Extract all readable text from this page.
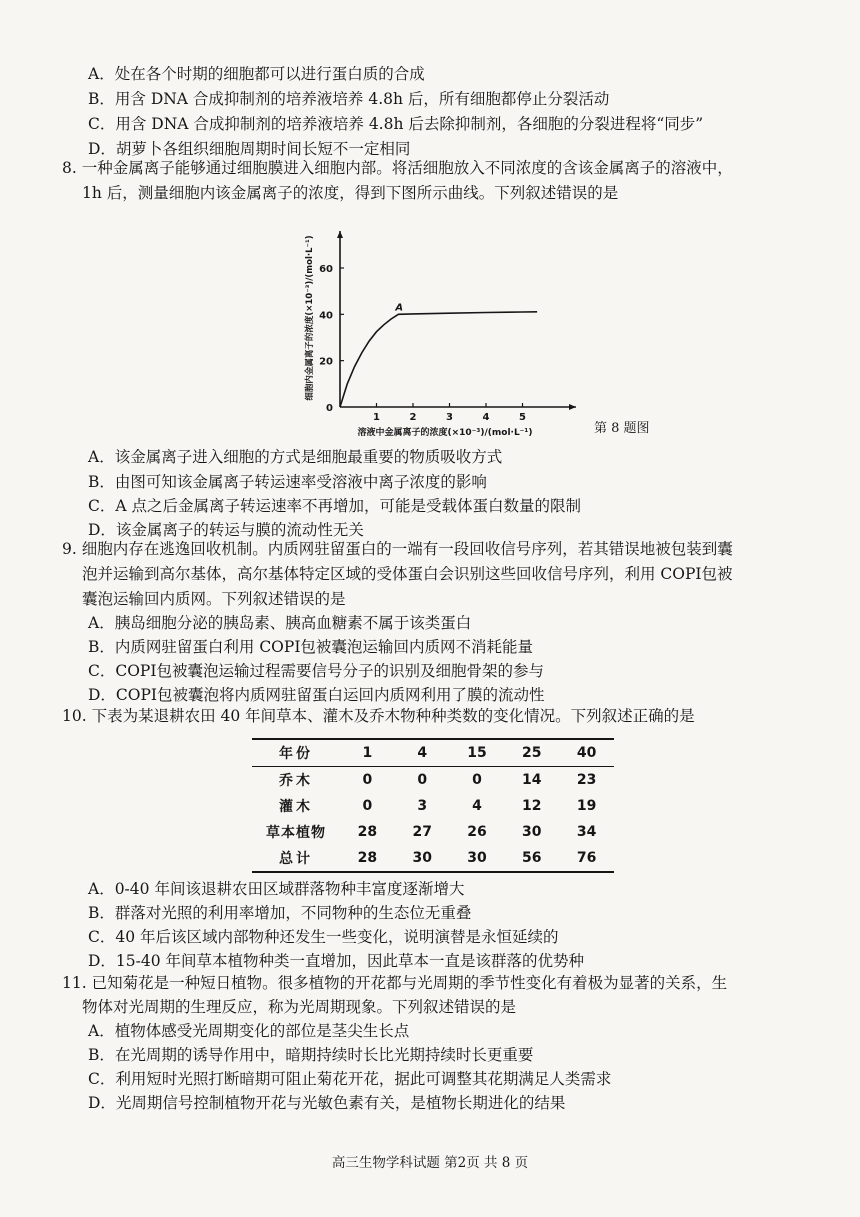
A．处在各个时期的细胞都可以进行蛋白质的合成
B．用含 DNA 合成抑制剂的培养液培养 4.8h 后，所有细胞都停止分裂活动
C．用含 DNA 合成抑制剂的培养液培养 4.8h 后去除抑制剂，各细胞的分裂进程将“同步”
D．胡萝卜各组织细胞周期时间长短不一定相同
8. 一种金属离子能够通过细胞膜进入细胞内部。将活细胞放入不同浓度的含该金属离子的溶液中，
1h 后，测量细胞内该金属离子的浓度，得到下图所示曲线。下列叙述错误的是
1	2	3	4	5
0
20
40
60
A
细胞内金属离子的浓度(×10⁻³)/(mol·L⁻¹)
溶液中金属离子的浓度(×10⁻³)/(mol·L⁻¹)	第 8 题图
A．该金属离子进入细胞的方式是细胞最重要的物质吸收方式
B．由图可知该金属离子转运速率受溶液中离子浓度的影响
C．A 点之后金属离子转运速率不再增加，可能是受载体蛋白数量的限制
D．该金属离子的转运与膜的流动性无关
9. 细胞内存在逃逸回收机制。内质网驻留蛋白的一端有一段回收信号序列，若其错误地被包装到囊
泡并运输到高尔基体，高尔基体特定区域的受体蛋白会识别这些回收信号序列，利用 COPI包被
囊泡运输回内质网。下列叙述错误的是
A．胰岛细胞分泌的胰岛素、胰高血糖素不属于该类蛋白
B．内质网驻留蛋白利用 COPI包被囊泡运输回内质网不消耗能量
C．COPI包被囊泡运输过程需要信号分子的识别及细胞骨架的参与
D．COPI包被囊泡将内质网驻留蛋白运回内质网利用了膜的流动性
10. 下表为某退耕农田 40 年间草本、灌木及乔木物种种类数的变化情况。下列叙述正确的是
年份	1	4	15	25	40
乔木	0	0	0	14	23
灌木	0	3	4	12	19
草本植物	28	27	26	30	34
总计	28	30	30	56	76
A．0-40 年间该退耕农田区域群落物种丰富度逐渐增大
B．群落对光照的利用率增加，不同物种的生态位无重叠
C．40 年后该区域内部物种还发生一些变化，说明演替是永恒延续的
D．15-40 年间草本植物种类一直增加，因此草本一直是该群落的优势种
11. 已知菊花是一种短日植物。很多植物的开花都与光周期的季节性变化有着极为显著的关系，生
物体对光周期的生理反应，称为光周期现象。下列叙述错误的是
A．植物体感受光周期变化的部位是茎尖生长点
B．在光周期的诱导作用中，暗期持续时长比光期持续时长更重要
C．利用短时光照打断暗期可阻止菊花开花，据此可调整其花期满足人类需求
D．光周期信号控制植物开花与光敏色素有关，是植物长期进化的结果
高三生物学科试题 第2页 共 8 页
